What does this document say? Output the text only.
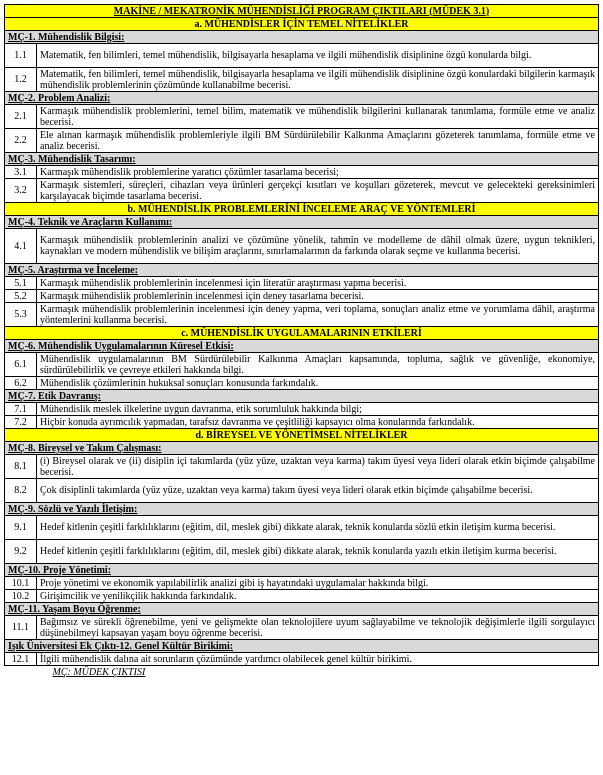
MAKİNE / MEKATRONİK MÜHENDİSLİĞİ PROGRAM ÇIKTILARI (MÜDEK 3.1)	
a. MÜHENDİSLER İÇİN TEMEL NİTELİKLER	
MÇ-1. Mühendislik Bilgisi:	
1.1	Matematik, fen bilimleri, temel mühendislik, bilgisayarla hesaplama ve ilgili mühendislik disiplinine özgü konularda bilgi.
1.2	Matematik, fen bilimleri, temel mühendislik, bilgisayarla hesaplama ve ilgili mühendislik disiplinine özgü konulardaki bilgilerin karmaşık mühendislik problemlerinin çözümünde kullanabilme becerisi.
MÇ-2. Problem Analizi:	
2.1	Karmaşık mühendislik problemlerini, temel bilim, matematik ve mühendislik bilgilerini kullanarak tanımlama, formüle etme ve analiz becerisi.
2.2	Ele alınan karmaşık mühendislik problemleriyle ilgili BM Sürdürülebilir Kalkınma Amaçlarını gözeterek tanımlama, formüle etme ve analiz becerisi.
MÇ-3. Mühendislik Tasarımı:	
3.1	Karmaşık mühendislik problemlerine yaratıcı çözümler tasarlama becerisi;
3.2	Karmaşık sistemleri, süreçleri, cihazları veya ürünleri gerçekçi kısıtları ve koşulları gözeterek, mevcut ve gelecekteki gereksinimleri karşılayacak biçimde tasarlama becerisi.
b. MÜHENDİSLİK PROBLEMLERİNİ İNCELEME ARAÇ VE YÖNTEMLERİ	
MÇ-4. Teknik ve Araçların Kullanımı:	
4.1	Karmaşık mühendislik problemlerinin analizi ve çözümüne yönelik, tahmin ve modelleme de dâhil olmak üzere, uygun teknikleri, kaynakları ve modern mühendislik ve bilişim araçlarını, sınırlamalarının da farkında olarak seçme ve kullanma becerisi.
MÇ-5. Araştırma ve İnceleme:	
5.1	Karmaşık mühendislik problemlerinin incelenmesi için literatür araştırması yapma becerisi.
5.2	Karmaşık mühendislik problemlerinin incelenmesi için deney tasarlama becerisi.
5.3	Karmaşık mühendislik problemlerinin incelenmesi için deney yapma, veri toplama, sonuçları analiz etme ve yorumlama dâhil, araştırma yöntemlerini kullanma becerisi.
c. MÜHENDİSLİK UYGULAMALARININ ETKİLERİ	
MÇ-6. Mühendislik Uygulamalarının Küresel Etkisi:	
6.1	Mühendislik uygulamalarının BM Sürdürülebilir Kalkınma Amaçları kapsamında, topluma, sağlık ve güvenliğe, ekonomiye, sürdürülebilirlik ve çevreye etkileri hakkında bilgi.
6.2	Mühendislik çözümlerinin hukuksal sonuçları konusunda farkındalık.
MÇ-7. Etik Davranış:	
7.1	Mühendislik meslek ilkelerine uygun davranma, etik sorumluluk hakkında bilgi;
7.2	Hiçbir konuda ayrımcılık yapmadan, tarafsız davranma ve çeşitliliği kapsayıcı olma konularında farkındalık.
d. BİREYSEL VE YÖNETİMSEL NİTELİKLER	
MÇ-8. Bireysel ve Takım Çalışması:	
8.1	(i) Bireysel olarak ve (ii) disiplin içi takımlarda (yüz yüze, uzaktan veya karma) takım üyesi veya lideri olarak etkin biçimde çalışabilme becerisi.
8.2	Çok disiplinli takımlarda (yüz yüze, uzaktan veya karma) takım üyesi veya lideri olarak etkin biçimde çalışabilme becerisi.
MÇ-9. Sözlü ve Yazılı İletişim:	
9.1	Hedef kitlenin çeşitli farklılıklarını (eğitim, dil, meslek gibi) dikkate alarak, teknik konularda sözlü etkin iletişim kurma becerisi.
9.2	Hedef kitlenin çeşitli farklılıklarını (eğitim, dil, meslek gibi) dikkate alarak, teknik konularda yazılı etkin iletişim kurma becerisi.
MÇ-10. Proje Yönetimi:	
10.1	Proje yönetimi ve ekonomik yapılabilirlik analizi gibi iş hayatındaki uygulamalar hakkında bilgi.
10.2	Girişimcilik ve yenilikçilik hakkında farkındalık.
MÇ-11. Yaşam Boyu Öğrenme:	
11.1	Bağımsız ve sürekli öğrenebilme, yeni ve gelişmekte olan teknolojilere uyum sağlayabilme ve teknolojik değişimlerle ilgili sorgulayıcı düşünebilmeyi kapsayan yaşam boyu öğrenme becerisi.
Işık Üniversitesi Ek Çıktı-12. Genel Kültür Birikimi:	
12.1	İlgili mühendislik dalına ait sorunların çözümünde yardımcı olabilecek genel kültür birikimi.
MÇ: MÜDEK ÇIKTISI	
